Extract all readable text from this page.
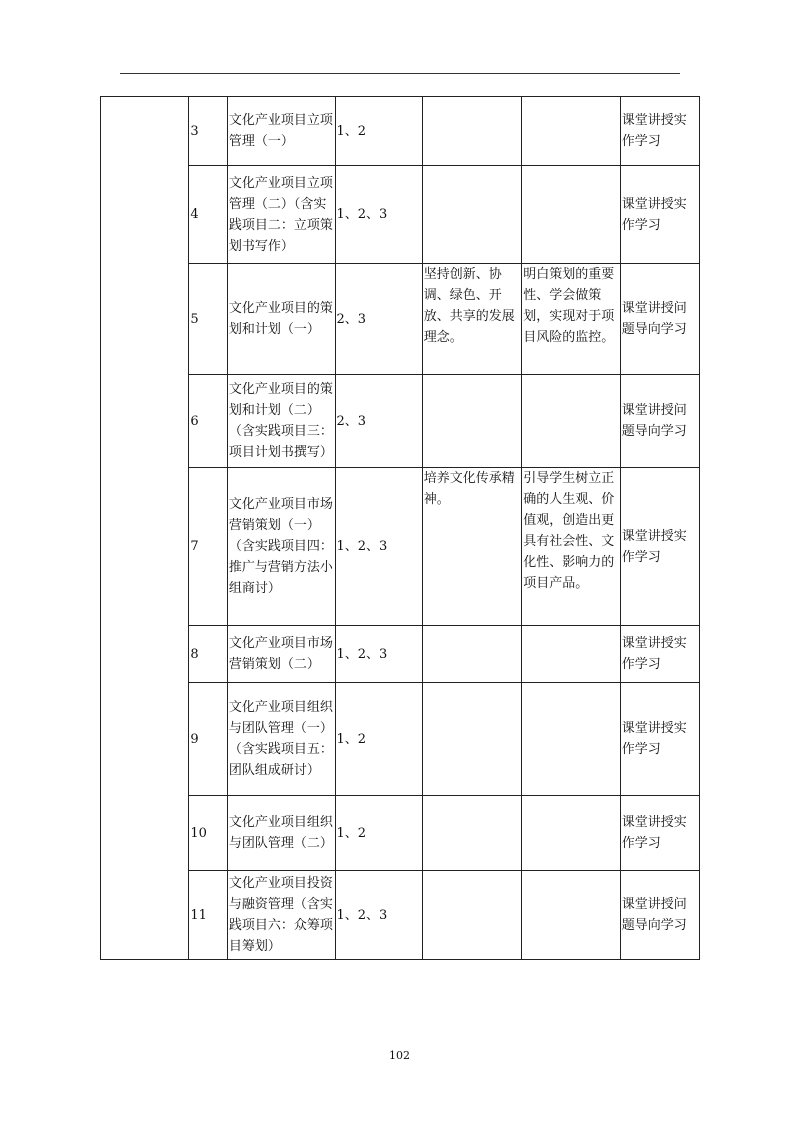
	3	文化产业项目立项管理（一）	1、2			课堂讲授实作学习
	4	文化产业项目立项管理（二）（含实践项目二：立项策划书写作）	1、2、3			课堂讲授实作学习
	5	文化产业项目的策划和计划（一）	2、3	坚持创新、协调、绿色、开放、共享的发展理念。	明白策划的重要性、学会做策划，实现对于项目风险的监控。	课堂讲授问题导向学习
	6	文化产业项目的策划和计划（二）（含实践项目三：项目计划书撰写）	2、3			课堂讲授问题导向学习
	7	文化产业项目市场营销策划（一）（含实践项目四：推广与营销方法小组商讨）	1、2、3	培养文化传承精神。	引导学生树立正确的人生观、价值观，创造出更具有社会性、文化性、影响力的项目产品。	课堂讲授实作学习
	8	文化产业项目市场营销策划（二）	1、2、3			课堂讲授实作学习
	9	文化产业项目组织与团队管理（一）（含实践项目五：团队组成研讨）	1、2			课堂讲授实作学习
	10	文化产业项目组织与团队管理（二）	1、2			课堂讲授实作学习
	11	文化产业项目投资与融资管理（含实践项目六：众筹项目筹划）	1、2、3			课堂讲授问题导向学习
102
